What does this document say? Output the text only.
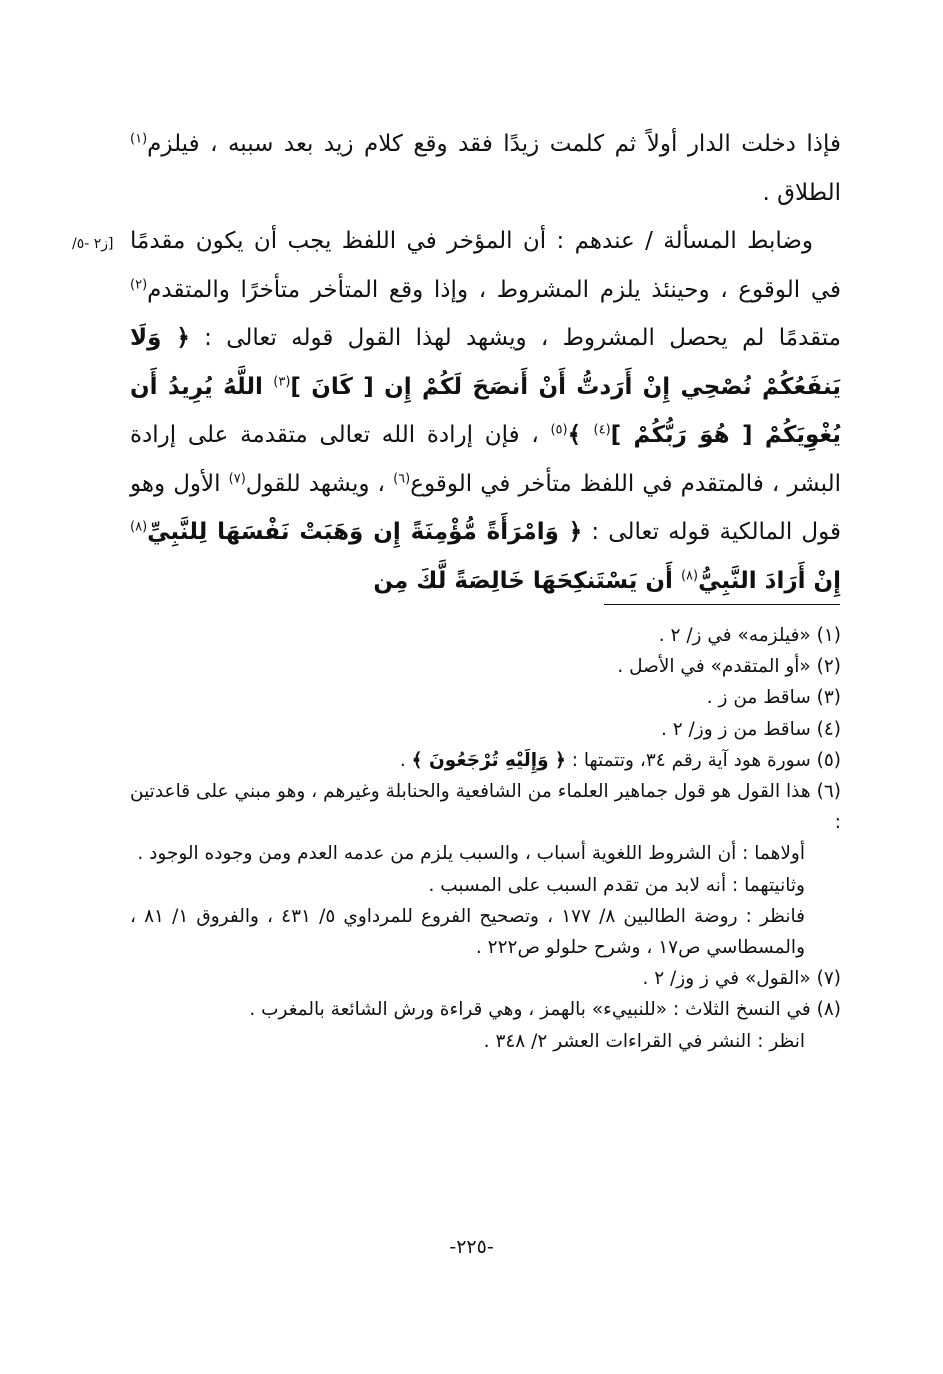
[ز٢ -٥/

فإذا دخلت الدار أولاً ثم كلمت زيدًا فقد وقع كلام زيد بعد سببه ، فيلزم$^{(١)}$ الطلاق .

وضابط المسألة / عندهم : أن المؤخر في اللفظ يجب أن يكون مقدمًا في الوقوع ، وحينئذ يلزم المشروط ، وإذا وقع المتأخر متأخرًا والمتقدم$^{(٢)}$ متقدمًا لم يحصل المشروط ، ويشهد لهذا القول قوله تعالى : ﴿ وَلَا يَنفَعُكُمْ نُصْحِي إِنْ أَرَدتُّ أَنْ أَنصَحَ لَكُمْ إِن [ كَانَ ]$^{(٣)}$ اللَّهُ يُرِيدُ أَن يُغْوِيَكُمْ [ هُوَ رَبُّكُمْ ]$^{(٤)}$ ﴾$^{(٥)}$ ، فإن إرادة الله تعالى متقدمة على إرادة البشر ، فالمتقدم في اللفظ متأخر في الوقوع$^{(٦)}$ ، ويشهد للقول$^{(٧)}$ الأول وهو قول المالكية قوله تعالى : ﴿ وَامْرَأَةً مُّؤْمِنَةً إِن وَهَبَتْ نَفْسَهَا لِلنَّبِيِّ$^{(٨)}$ إِنْ أَرَادَ النَّبِيُّ$^{(٨)}$ أَن يَسْتَنكِحَهَا خَالِصَةً لَّكَ مِن

(١) «فيلزمه» في ز/ ٢ .

(٢) «أو المتقدم» في الأصل .

(٣) ساقط من ز .

(٤) ساقط من ز وز/ ٢ .

(٥) سورة هود آية رقم ٣٤، وتتمتها : ﴿ وَإِلَيْهِ تُرْجَعُونَ ﴾ .

(٦) هذا القول هو قول جماهير العلماء من الشافعية والحنابلة وغيرهم ، وهو مبني على قاعدتين :

أولاهما : أن الشروط اللغوية أسباب ، والسبب يلزم من عدمه العدم ومن وجوده الوجود .

وثانيتهما : أنه لابد من تقدم السبب على المسبب .

فانظر : روضة الطالبين ٨/ ١٧٧ ، وتصحيح الفروع للمرداوي ٥/ ٤٣١ ، والفروق ١/ ٨١ ، والمسطاسي ص١٧ ، وشرح حلولو ص٢٢٢ .

(٧) «القول» في ز وز/ ٢ .

(٨) في النسخ الثلاث : «للنبييء» بالهمز ، وهي قراءة ورش الشائعة بالمغرب .

انظر : النشر في القراءات العشر ٢/ ٣٤٨ .

-٢٢٥-
